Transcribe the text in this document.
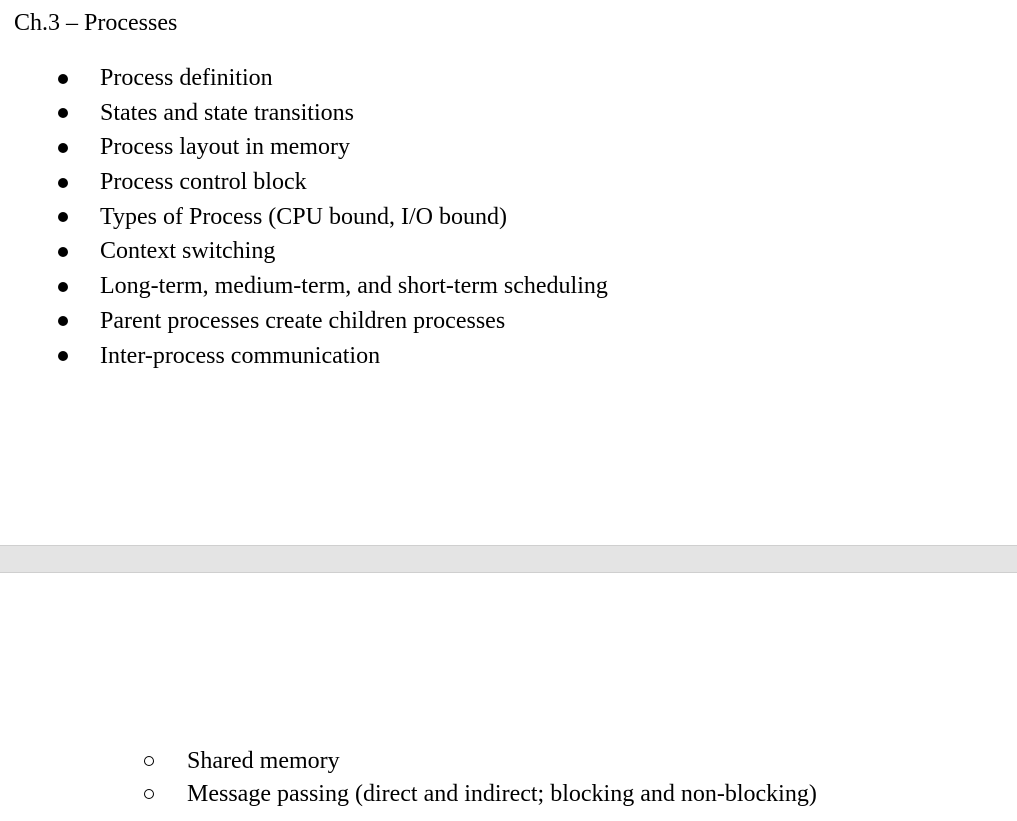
Ch.3 – Processes
Process definition
States and state transitions
Process layout in memory
Process control block
Types of Process (CPU bound, I/O bound)
Context switching
Long-term, medium-term, and short-term scheduling
Parent processes create children processes
Inter-process communication
Shared memory
Message passing (direct and indirect; blocking and non-blocking)
